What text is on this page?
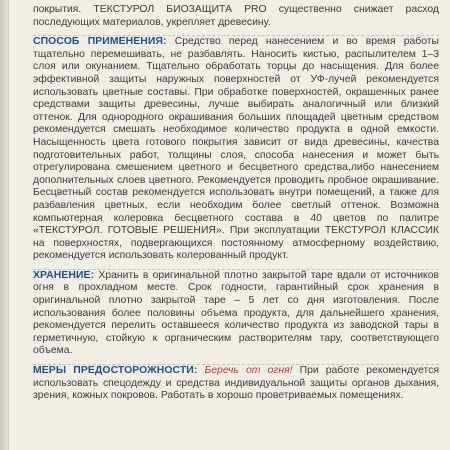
покрытия. ТЕКСТУРОЛ БИОЗАЩИТА PRO существенно снижает расход последующих материалов, укрепляет древесину.

СПОСОБ ПРИМЕНЕНИЯ: Средство перед нанесением и во время работы тщательно перемешивать, не разбавлять. Наносить кистью, распылителем 1–3 слоя или окунанием. Тщательно обработать торцы до насыщения. Для более эффективной защиты наружных поверхностей от УФ-лучей рекомендуется использовать цветные составы. При обработке поверхностей, окрашенных ранее средствами защиты древесины, лучше выбирать аналогичный или близкий оттенок. Для однородного окрашивания больших площадей цветным средством рекомендуется смешать необходимое количество продукта в одной емкости. Насыщенность цвета готового покрытия зависит от вида древесины, качества подготовительных работ, толщины слоя, способа нанесения и может быть отрегулирована смешением цветного и бесцветного средства,либо нанесением дополнительных слоев цветного. Рекомендуется проводить пробное окрашивание. Бесцветный состав рекомендуется использовать внутри помещений, а также для разбавления цветных, если необходим более светлый оттенок. Возможна компьютерная колеровка бесцветного состава в 40 цветов по палитре «ТЕКСТУРОЛ. ГОТОВЫЕ РЕШЕНИЯ». При эксплуатации ТЕКСТУРОЛ КЛАССИК на поверхностях, подвергающихся постоянному атмосферному воздействию, рекомендуется использовать колерованный продукт.

ХРАНЕНИЕ: Хранить в оригинальной плотно закрытой таре вдали от источников огня в прохладном месте. Срок годности, гарантийный срок хранения в оригинальной плотно закрытой таре – 5 лет со дня изготовления. После использования более половины объема продукта, для дальнейшего хранения, рекомендуется перелить оставшееся количество продукта из заводской тары в герметичную, стойкую к органическим растворителям тару, соответствующего объема.

МЕРЫ ПРЕДОСТОРОЖНОСТИ: Беречь от огня! При работе рекомендуется использовать спецодежду и средства индивидуальной защиты органов дыхания, зрения, кожных покровов. Работать в хорошо проветриваемых помещениях.
